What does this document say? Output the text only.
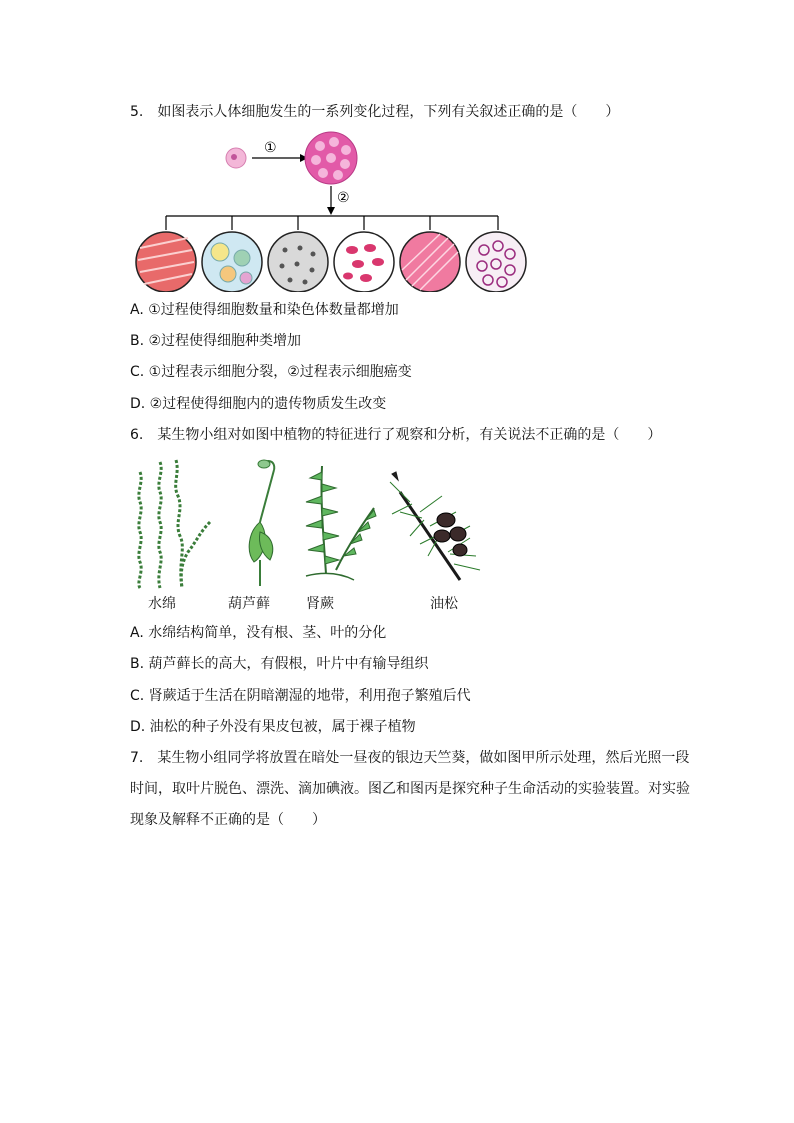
5. 如图表示人体细胞发生的一系列变化过程，下列有关叙述正确的是（　　）
①
②
A. ①过程使得细胞数量和染色体数量都增加
B. ②过程使得细胞种类增加
C. ①过程表示细胞分裂，②过程表示细胞癌变
D. ②过程使得细胞内的遗传物质发生改变
6. 某生物小组对如图中植物的特征进行了观察和分析，有关说法不正确的是（　　）
水绵	葫芦藓	肾蕨	油松
A. 水绵结构简单，没有根、茎、叶的分化
B. 葫芦藓长的高大，有假根，叶片中有输导组织
C. 肾蕨适于生活在阴暗潮湿的地带，利用孢子繁殖后代
D. 油松的种子外没有果皮包被，属于裸子植物
7. 某生物小组同学将放置在暗处一昼夜的银边天竺葵，做如图甲所示处理，然后光照一段
时间，取叶片脱色、漂洗、滴加碘液。图乙和图丙是探究种子生命活动的实验装置。对实验
现象及解释不正确的是（　　）
